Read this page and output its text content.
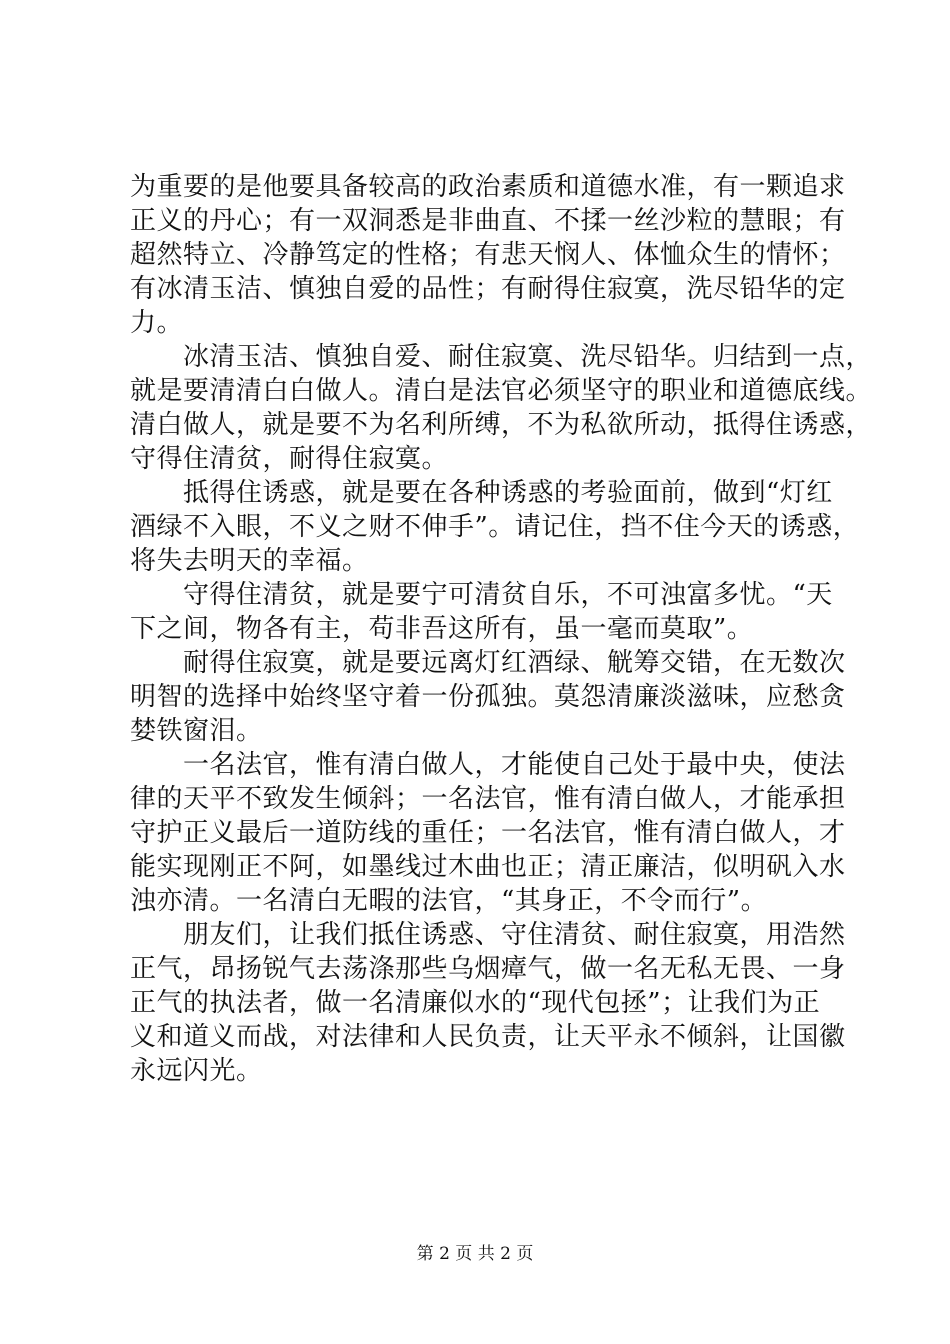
为重要的是他要具备较高的政治素质和道德水准，有一颗追求
正义的丹心；有一双洞悉是非曲直、不揉一丝沙粒的慧眼；有
超然特立、冷静笃定的性格；有悲天悯人、体恤众生的情怀；
有冰清玉洁、慎独自爱的品性；有耐得住寂寞，洗尽铅华的定
力。
　　冰清玉洁、慎独自爱、耐住寂寞、洗尽铅华。归结到一点，
就是要清清白白做人。清白是法官必须坚守的职业和道德底线。
清白做人，就是要不为名利所缚，不为私欲所动，抵得住诱惑，
守得住清贫，耐得住寂寞。
　　抵得住诱惑，就是要在各种诱惑的考验面前，做到“灯红
酒绿不入眼，不义之财不伸手”。请记住，挡不住今天的诱惑，
将失去明天的幸福。
　　守得住清贫，就是要宁可清贫自乐，不可浊富多忧。“天
下之间，物各有主，苟非吾这所有，虽一毫而莫取”。
　　耐得住寂寞，就是要远离灯红酒绿、觥筹交错，在无数次
明智的选择中始终坚守着一份孤独。莫怨清廉淡滋味，应愁贪
婪铁窗泪。
　　一名法官，惟有清白做人，才能使自己处于最中央，使法
律的天平不致发生倾斜；一名法官，惟有清白做人，才能承担
守护正义最后一道防线的重任；一名法官，惟有清白做人，才
能实现刚正不阿，如墨线过木曲也正；清正廉洁，似明矾入水
浊亦清。一名清白无暇的法官，“其身正，不令而行”。
　　朋友们，让我们抵住诱惑、守住清贫、耐住寂寞，用浩然
正气，昂扬锐气去荡涤那些乌烟瘴气，做一名无私无畏、一身
正气的执法者，做一名清廉似水的“现代包拯”；让我们为正
义和道义而战，对法律和人民负责，让天平永不倾斜，让国徽
永远闪光。
第 2 页 共 2 页
